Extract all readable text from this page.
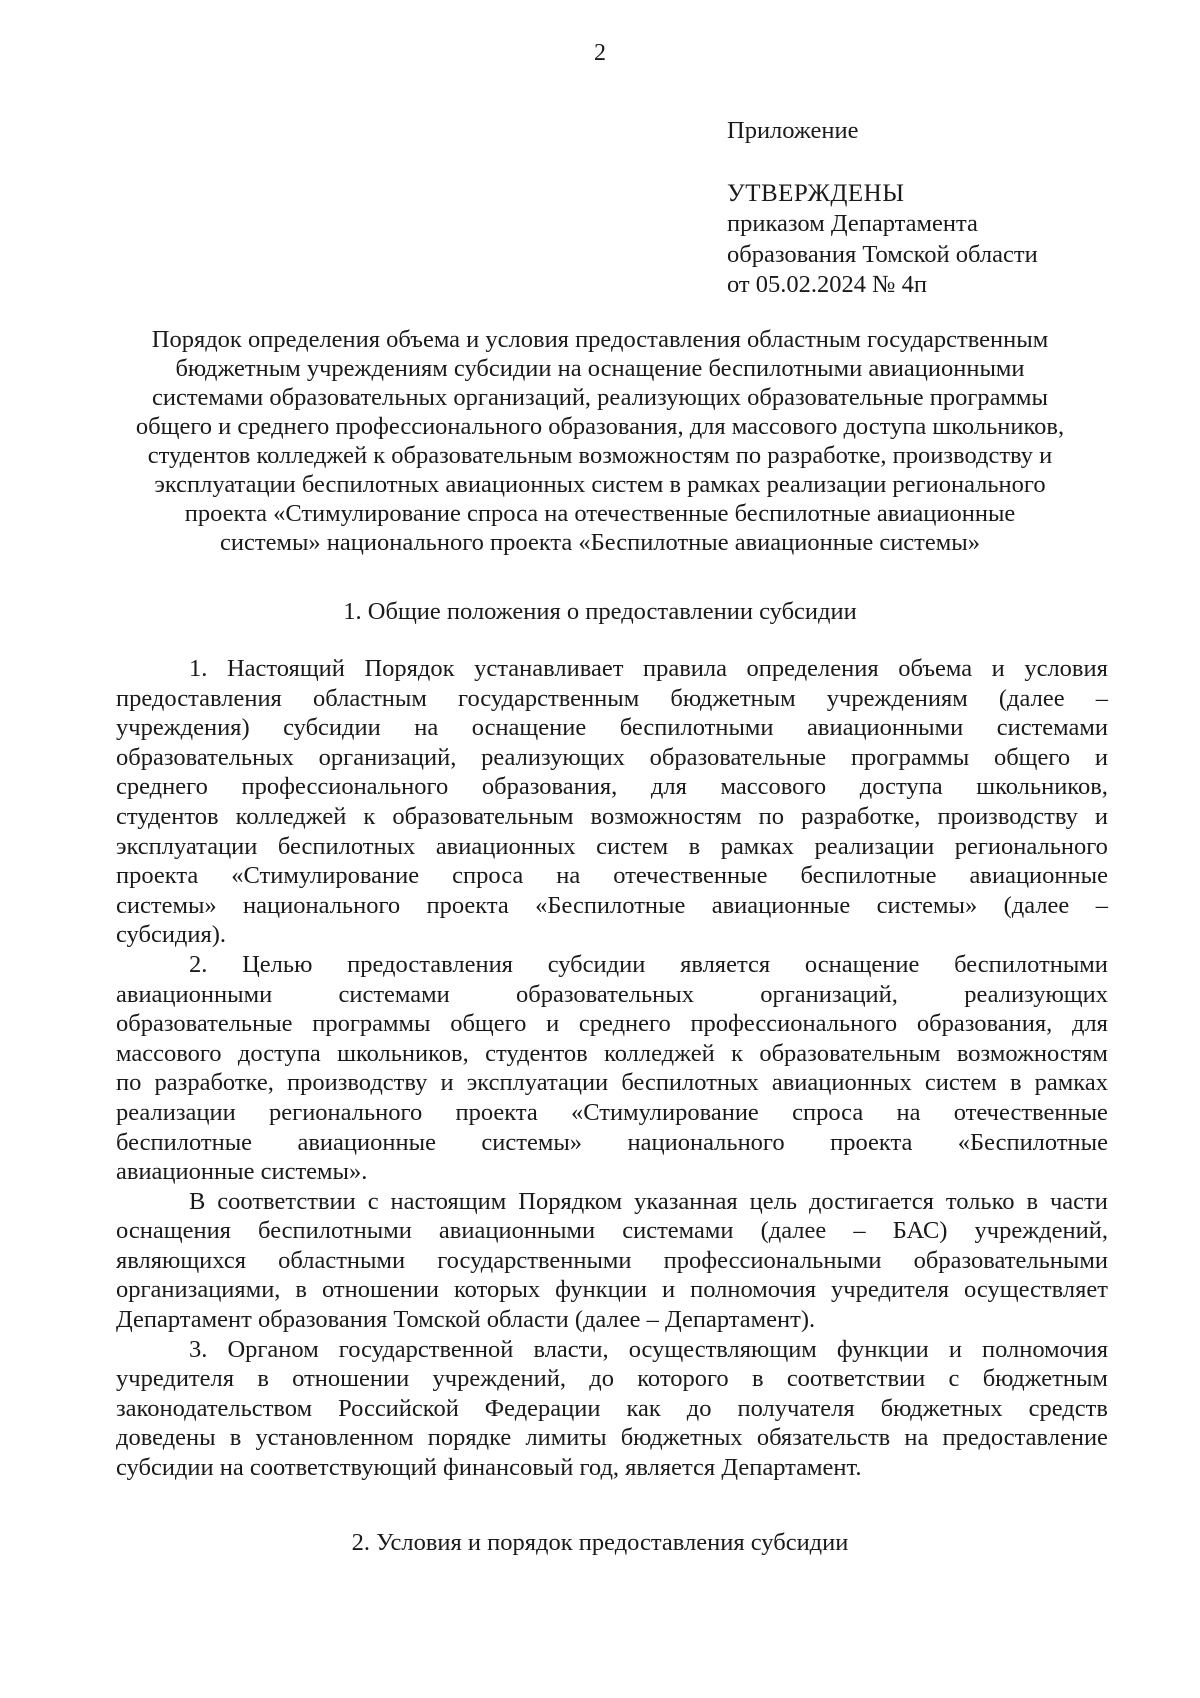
2
Приложение
УТВЕРЖДЕНЫ
приказом Департамента
образования Томской области
от 05.02.2024 № 4п
Порядок определения объема и условия предоставления областным государственным
бюджетным учреждениям субсидии на оснащение беспилотными авиационными
системами образовательных организаций, реализующих образовательные программы
общего и среднего профессионального образования, для массового доступа школьников,
студентов колледжей к образовательным возможностям по разработке, производству и
эксплуатации беспилотных авиационных систем в рамках реализации регионального
проекта «Стимулирование спроса на отечественные беспилотные авиационные
системы» национального проекта «Беспилотные авиационные системы»
1. Общие положения о предоставлении субсидии
1. Настоящий Порядок устанавливает правила определения объема и условия
предоставления областным государственным бюджетным учреждениям (далее –
учреждения) субсидии на оснащение беспилотными авиационными системами
образовательных организаций, реализующих образовательные программы общего и
среднего профессионального образования, для массового доступа школьников,
студентов колледжей к образовательным возможностям по разработке, производству и
эксплуатации беспилотных авиационных систем в рамках реализации регионального
проекта «Стимулирование спроса на отечественные беспилотные авиационные
системы» национального проекта «Беспилотные авиационные системы» (далее –
субсидия).
2. Целью предоставления субсидии является оснащение беспилотными
авиационными	системами	образовательных	организаций,	реализующих
образовательные программы общего и среднего профессионального образования, для
массового доступа школьников, студентов колледжей к образовательным возможностям
по разработке, производству и эксплуатации беспилотных авиационных систем в рамках
реализации регионального проекта «Стимулирование спроса на отечественные
беспилотные авиационные системы» национального проекта «Беспилотные
авиационные системы».
В соответствии с настоящим Порядком указанная цель достигается только в части
оснащения беспилотными авиационными системами (далее – БАС) учреждений,
являющихся областными государственными профессиональными образовательными
организациями, в отношении которых функции и полномочия учредителя осуществляет
Департамент образования Томской области (далее – Департамент).
3. Органом государственной власти, осуществляющим функции и полномочия
учредителя в отношении учреждений, до которого в соответствии с бюджетным
законодательством Российской Федерации как до получателя бюджетных средств
доведены в установленном порядке лимиты бюджетных обязательств на предоставление
субсидии на соответствующий финансовый год, является Департамент.
2. Условия и порядок предоставления субсидии
